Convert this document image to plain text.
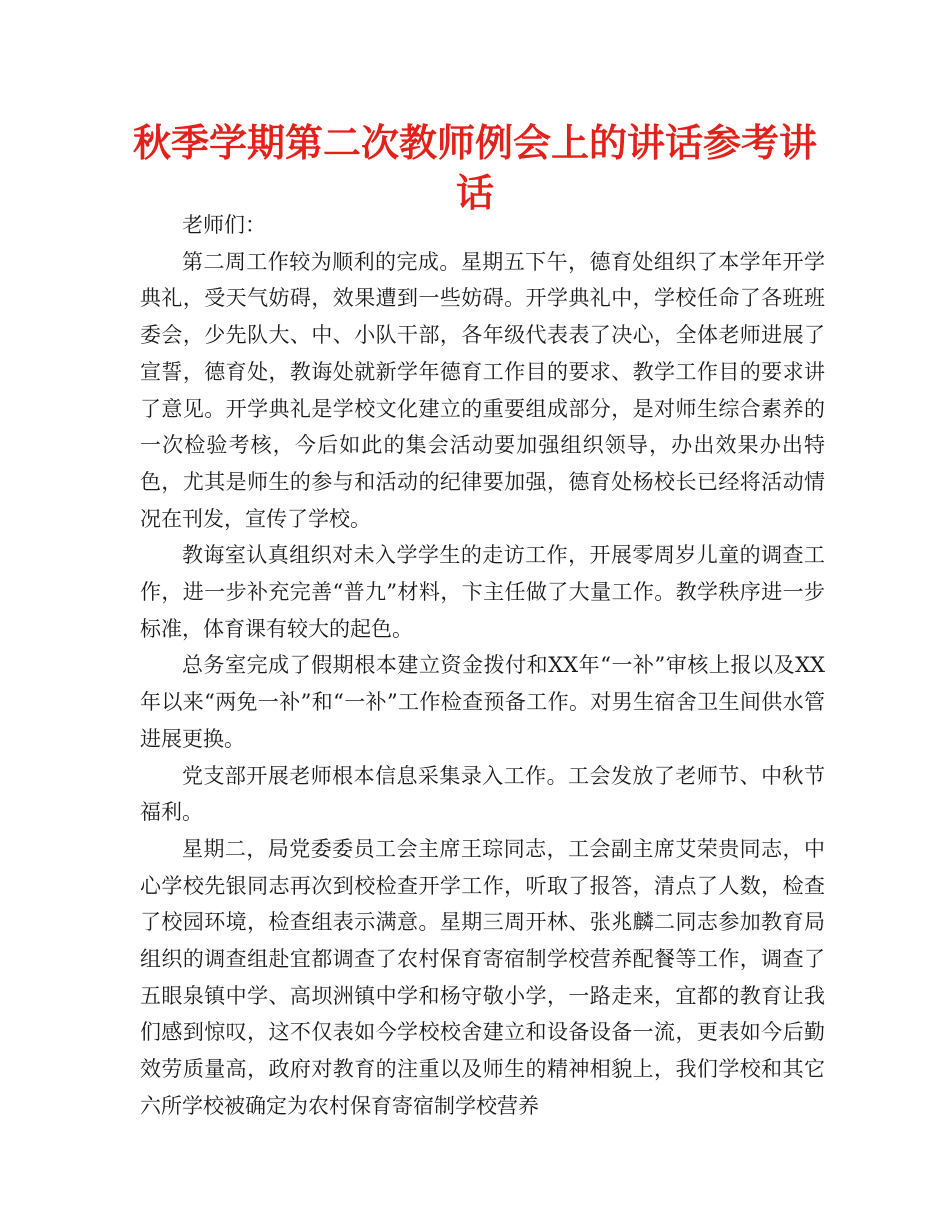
秋季学期第二次教师例会上的讲话参考讲话

老师们：

第二周工作较为顺利的完成。星期五下午，德育处组织了本学年开学典礼，受天气妨碍，效果遭到一些妨碍。开学典礼中，学校任命了各班班委会，少先队大、中、小队干部，各年级代表表了决心，全体老师进展了宣誓，德育处，教诲处就新学年德育工作目的要求、教学工作目的要求讲了意见。开学典礼是学校文化建立的重要组成部分，是对师生综合素养的一次检验考核，今后如此的集会活动要加强组织领导，办出效果办出特色，尤其是师生的参与和活动的纪律要加强，德育处杨校长已经将活动情况在刊发，宣传了学校。

教诲室认真组织对未入学学生的走访工作，开展零周岁儿童的调查工作，进一步补充完善“普九”材料，卞主任做了大量工作。教学秩序进一步标准，体育课有较大的起色。

总务室完成了假期根本建立资金拨付和XX年“一补”审核上报以及XX年以来“两免一补”和“一补”工作检查预备工作。对男生宿舍卫生间供水管进展更换。

党支部开展老师根本信息采集录入工作。工会发放了老师节、中秋节福利。

星期二，局党委委员工会主席王琮同志，工会副主席艾荣贵同志，中心学校先银同志再次到校检查开学工作，听取了报答，清点了人数，检查了校园环境，检查组表示满意。星期三周开林、张兆麟二同志参加教育局组织的调查组赴宜都调查了农村保育寄宿制学校营养配餐等工作，调查了五眼泉镇中学、高坝洲镇中学和杨守敬小学，一路走来，宜都的教育让我们感到惊叹，这不仅表如今学校校舍建立和设备设备一流，更表如今后勤效劳质量高，政府对教育的注重以及师生的精神相貌上，我们学校和其它六所学校被确定为农村保育寄宿制学校营养
